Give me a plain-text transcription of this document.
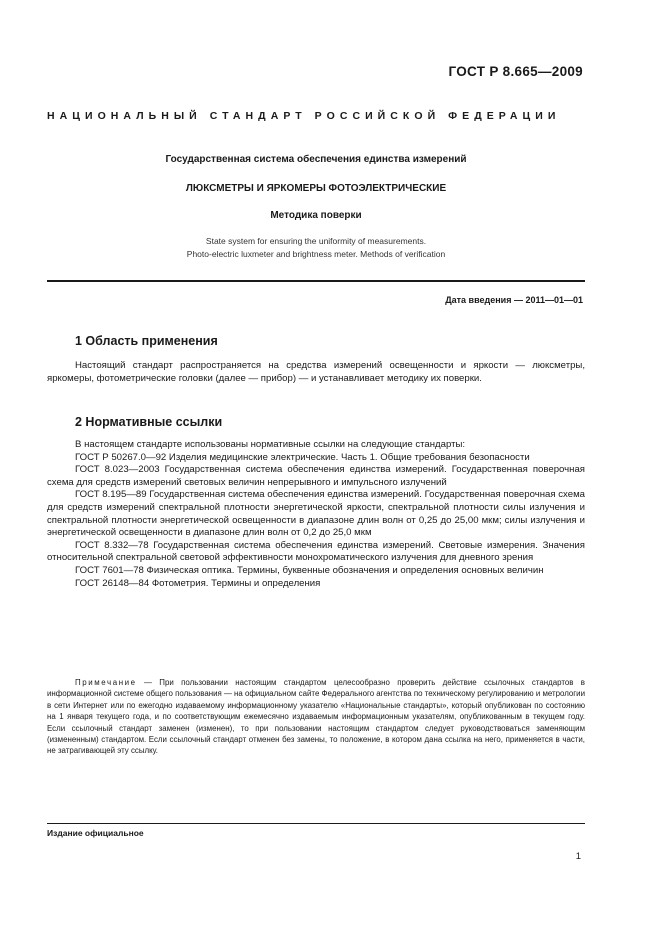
ГОСТ Р 8.665—2009
НАЦИОНАЛЬНЫЙ СТАНДАРТ РОССИЙСКОЙ ФЕДЕРАЦИИ
Государственная система обеспечения единства измерений
ЛЮКСМЕТРЫ И ЯРКОМЕРЫ ФОТОЭЛЕКТРИЧЕСКИЕ
Методика поверки
State system for ensuring the uniformity of measurements.
Photo-electric luxmeter and brightness meter. Methods of verification
Дата введения — 2011—01—01
1 Область применения

Настоящий стандарт распространяется на средства измерений освещенности и яркости — люксметры, яркомеры, фотометрические головки (далее — прибор) — и устанавливает методику их поверки.

2 Нормативные ссылки

В настоящем стандарте использованы нормативные ссылки на следующие стандарты:

ГОСТ Р 50267.0—92 Изделия медицинские электрические. Часть 1. Общие требования безопасности

ГОСТ 8.023—2003 Государственная система обеспечения единства измерений. Государственная поверочная схема для средств измерений световых величин непрерывного и импульсного излучений

ГОСТ 8.195—89 Государственная система обеспечения единства измерений. Государственная поверочная схема для средств измерений спектральной плотности энергетической яркости, спектральной плотности силы излучения и спектральной плотности энергетической освещенности в диапазоне длин волн от 0,25 до 25,00 мкм; силы излучения и энергетической освещенности в диапазоне длин волн от 0,2 до 25,0 мкм

ГОСТ 8.332—78 Государственная система обеспечения единства измерений. Световые измерения. Значения относительной спектральной световой эффективности монохроматического излучения для дневного зрения

ГОСТ 7601—78 Физическая оптика. Термины, буквенные обозначения и определения основных величин

ГОСТ 26148—84 Фотометрия. Термины и определения

Примечание — При пользовании настоящим стандартом целесообразно проверить действие ссылочных стандартов в информационной системе общего пользования — на официальном сайте Федерального агентства по техническому регулированию и метрологии в сети Интернет или по ежегодно издаваемому информационному указателю «Национальные стандарты», который опубликован по состоянию на 1 января текущего года, и по соответствующим ежемесячно издаваемым информационным указателям, опубликованным в текущем году. Если ссылочный стандарт заменен (изменен), то при пользовании настоящим стандартом следует руководствоваться заменяющим (измененным) стандартом. Если ссылочный стандарт отменен без замены, то положение, в котором дана ссылка на него, применяется в части, не затрагивающей эту ссылку.

Издание официальное
1
